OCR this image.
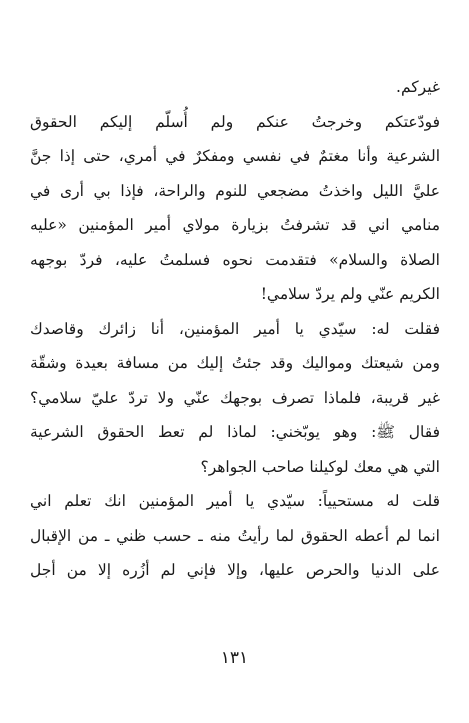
غيركم.
فودّعتكم وخرجتُ عنكم ولم أُسلّم إليكم الحقوق
الشرعية وأنا مغتمٌ في نفسي ومفكرٌ في أمري، حتى إذا جنَّ
عليَّ الليل واخذتُ مضجعي للنوم والراحة، فإذا بي أرى في
منامي اني قد تشرفتُ بزيارة مولاي أمير المؤمنين «عليه
الصلاة والسلام» فتقدمت نحوه فسلمتُ عليه، فردّ بوجهه
الكريم عنّي ولم يردّ سلامي!
فقلت له: سيّدي يا أمير المؤمنين، أنا زائرك وقاصدك
ومن شيعتك ومواليك وقد جئتُ إليك من مسافة بعيدة وشقّة
غير قريبة، فلماذا تصرف بوجهك عنّي ولا تردّ عليّ سلامي؟
فقال ﷺ: وهو يوبّخني: لماذا لم تعط الحقوق الشرعية
التي هي معك لوكيلنا صاحب الجواهر؟
قلت له مستحيياً: سيّدي يا أمير المؤمنين انك تعلم اني
انما لم أعطه الحقوق لما رأيتُ منه ـ حسب ظني ـ من الإقبال
على الدنيا والحرص عليها، وإلا فإني لم أزُره إلا من أجل
١٣١
